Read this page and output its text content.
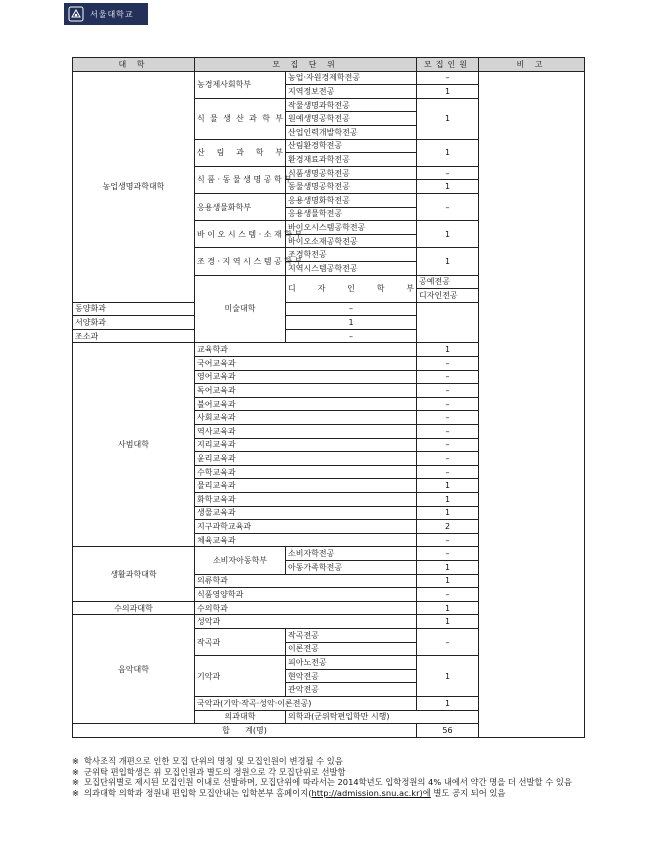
서울대학교
대 학	모 집 단 위		모집인원	비 고	
농업생명과학대학	농경제사회학부	농업·자원경제학전공	–		
		지역정보전공	1		
	식 물 생 산 과 학 부	작물생명과학전공	1		
		원예생명공학전공			
		산업인력개발학전공			
	산 림 과 학 부	산림환경학전공	1		
		환경재료과학전공			
	식 품 · 동 물 생 명 공 학 부	식품생명공학전공	–		
		동물생명공학전공	1		
	응용생물화학부	응용생명화학전공	–		
		응용생물학전공			
	바 이 오 시 스 템 · 소 재 학 부	바이오시스템공학전공	1		
		바이오소재공학전공			
	조 경 · 지 역 시 스 템 공 학 부	조경학전공	1		
		지역시스템공학전공			
	미술대학	디 자 인 학 부	공예전공	
			디자인전공	
동양화과		–			
서양화과		1			
조소과		–			
사범대학	교육학과		1		
	국어교육과		–		
	영어교육과		–		
	독어교육과		–		
	불어교육과		–		
	사회교육과		–		
	역사교육과		–		
	지리교육과		–		
	윤리교육과		–		
	수학교육과		–		
	물리교육과		1		
	화학교육과		1		
	생물교육과		1		
	지구과학교육과		2		
	체육교육과		–		
생활과학대학	소비자아동학부	소비자학전공	–		
		아동가족학전공	1		
	의류학과		1		
	식품영양학과		–		
수의과대학	수의학과		1		
음악대학	성악과		1		
	작곡과	작곡전공	–		
		이론전공			
	기악과	피아노전공	1		
		현악전공			
		관악전공			
	국악과(기악·작곡·성악·이론전공)		1		
	의과대학	의학과(군위탁편입학만 시행)	
합      계(명)			56		
※ 학사조직 개편으로 인한 모집 단위의 명칭 및 모집인원이 변경될 수 있음
※ 군위탁 편입학생은 위 모집인원과 별도의 정원으로 각 모집단위로 선발함
※ 모집단위별로 제시된 모집인원 이내로 선발하며, 모집단위에 따라서는 2014학년도 입학정원의 4% 내에서 약간 명을 더 선발할 수 있음
※ 의과대학 의학과 정원내 편입학 모집안내는 입학본부 홈페이지(http://admission.snu.ac.kr)에 별도 공지 되어 있음
